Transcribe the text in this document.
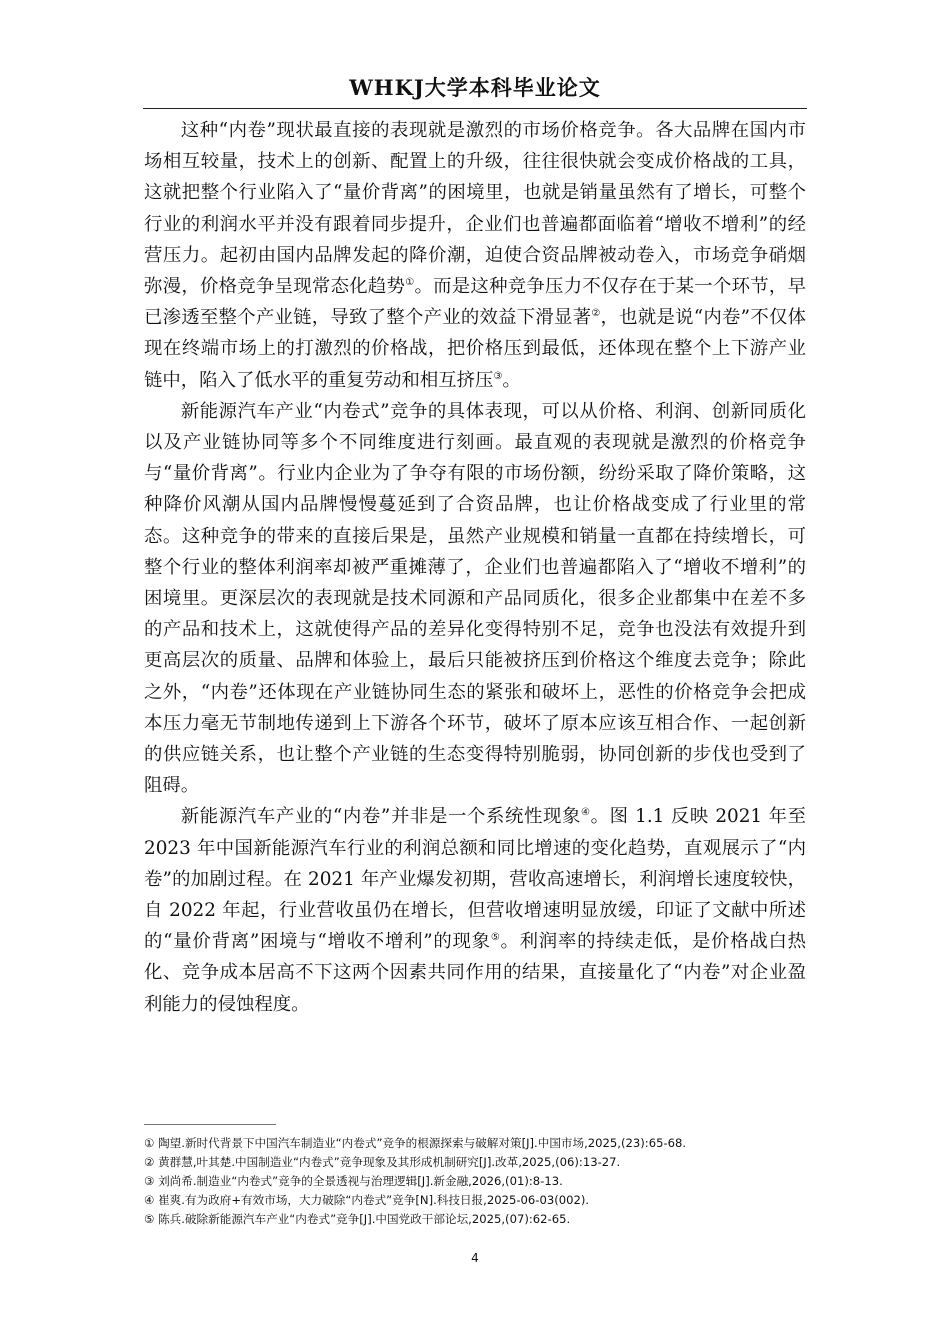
WHKJ大学本科毕业论文

这种“内卷”现状最直接的表现就是激烈的市场价格竞争。各大品牌在国内市场相互较量，技术上的创新、配置上的升级，往往很快就会变成价格战的工具，这就把整个行业陷入了“量价背离”的困境里，也就是销量虽然有了增长，可整个行业的利润水平并没有跟着同步提升，企业们也普遍都面临着“增收不增利”的经营压力。起初由国内品牌发起的降价潮，迫使合资品牌被动卷入，市场竞争硝烟弥漫，价格竞争呈现常态化趋势①。而是这种竞争压力不仅存在于某一个环节，早已渗透至整个产业链，导致了整个产业的效益下滑显著②，也就是说“内卷”不仅体现在终端市场上的打激烈的价格战，把价格压到最低，还体现在整个上下游产业链中，陷入了低水平的重复劳动和相互挤压③。

新能源汽车产业“内卷式”竞争的具体表现，可以从价格、利润、创新同质化以及产业链协同等多个不同维度进行刻画。最直观的表现就是激烈的价格竞争与“量价背离”。行业内企业为了争夺有限的市场份额，纷纷采取了降价策略，这种降价风潮从国内品牌慢慢蔓延到了合资品牌，也让价格战变成了行业里的常态。这种竞争的带来的直接后果是，虽然产业规模和销量一直都在持续增长，可整个行业的整体利润率却被严重摊薄了，企业们也普遍都陷入了“增收不增利”的困境里。更深层次的表现就是技术同源和产品同质化，很多企业都集中在差不多的产品和技术上，这就使得产品的差异化变得特别不足，竞争也没法有效提升到更高层次的质量、品牌和体验上，最后只能被挤压到价格这个维度去竞争；除此之外，“内卷”还体现在产业链协同生态的紧张和破坏上，恶性的价格竞争会把成本压力毫无节制地传递到上下游各个环节，破坏了原本应该互相合作、一起创新的供应链关系，也让整个产业链的生态变得特别脆弱，协同创新的步伐也受到了阻碍。

新能源汽车产业的“内卷”并非是一个系统性现象④。图 1.1 反映 2021 年至 2023 年中国新能源汽车行业的利润总额和同比增速的变化趋势，直观展示了“内卷”的加剧过程。在 2021 年产业爆发初期，营收高速增长，利润增长速度较快，自 2022 年起，行业营收虽仍在增长，但营收增速明显放缓，印证了文献中所述的“量价背离”困境与“增收不增利”的现象⑤。利润率的持续走低，是价格战白热化、竞争成本居高不下这两个因素共同作用的结果，直接量化了“内卷”对企业盈利能力的侵蚀程度。

① 陶望.新时代背景下中国汽车制造业“内卷式”竞争的根源探索与破解对策[J].中国市场,2025,(23):65-68.

② 黄群慧,叶其楚.中国制造业“内卷式”竞争现象及其形成机制研究[J].改革,2025,(06):13-27.

③ 刘尚希.制造业“内卷式”竞争的全景透视与治理逻辑[J].新金融,2026,(01):8-13.

④ 崔爽.有为政府+有效市场，大力破除“内卷式”竞争[N].科技日报,2025-06-03(002).

⑤ 陈兵.破除新能源汽车产业“内卷式”竞争[J].中国党政干部论坛,2025,(07):62-65.

4
